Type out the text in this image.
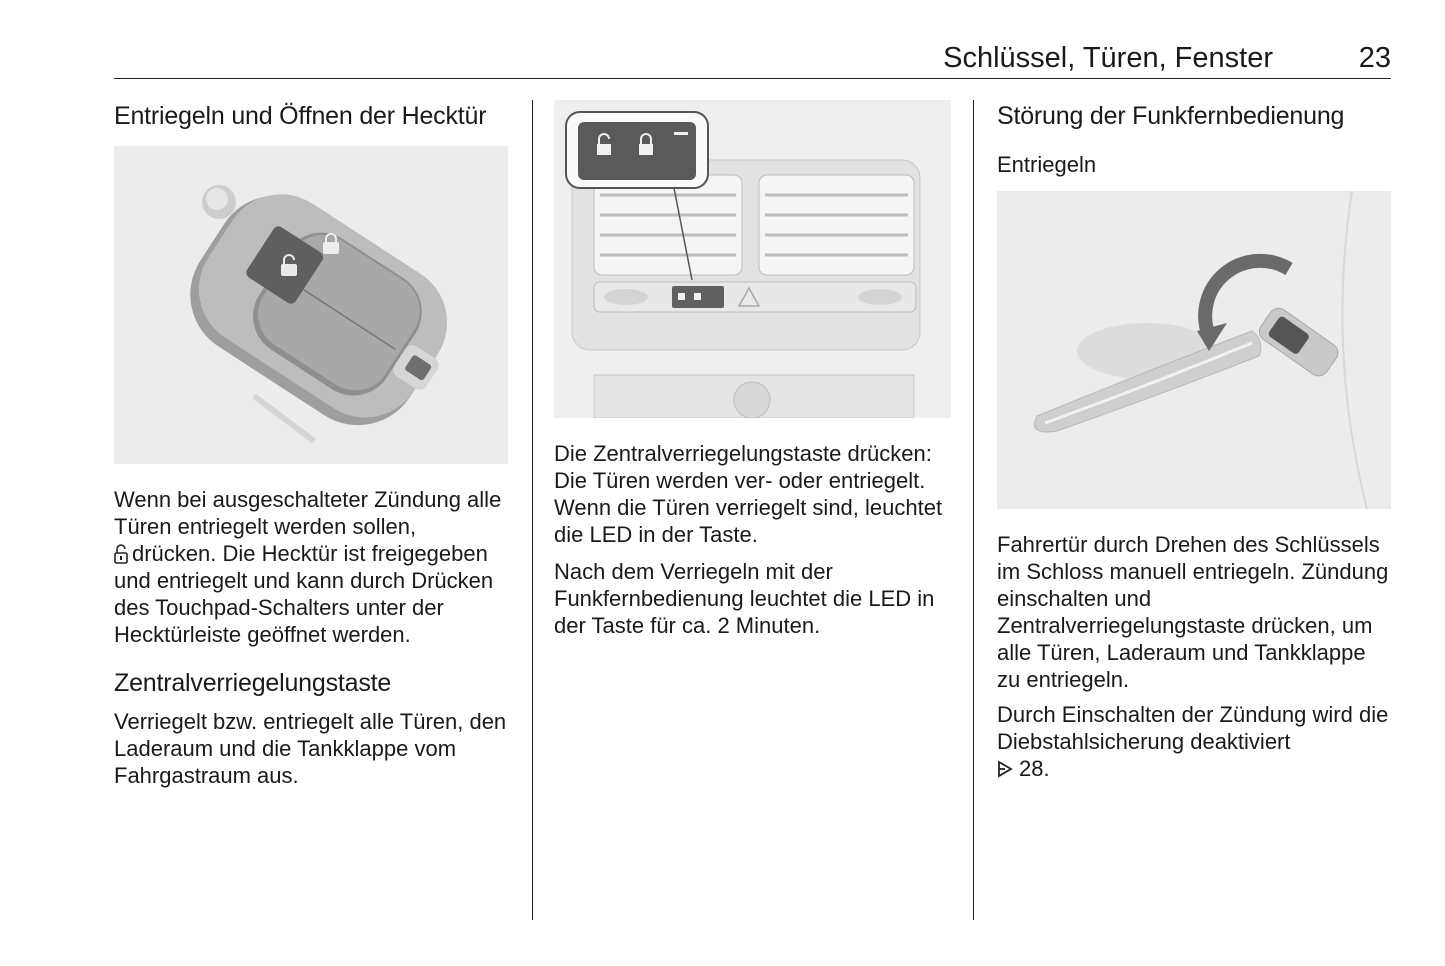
Schlüssel, Türen, Fenster	23
Entriegeln und Öffnen der Hecktür

Wenn bei ausgeschalteter Zündung alle Türen entriegelt werden sollen,
drücken. Die Hecktür ist freigegeben und entriegelt und kann durch Drücken des Touchpad-Schalters unter der Hecktürleiste geöffnet werden.

Zentralverriegelungstaste

Verriegelt bzw. entriegelt alle Türen, den Laderaum und die Tankklappe vom Fahrgastraum aus.

Die Zentralverriegelungstaste drücken: Die Türen werden ver- oder entriegelt. Wenn die Türen verriegelt sind, leuchtet die LED in der Taste.

Nach dem Verriegeln mit der Funkfernbedienung leuchtet die LED in der Taste für ca. 2 Minuten.

Störung der Funkfernbedienung
Entriegeln

Fahrertür durch Drehen des Schlüssels im Schloss manuell entriegeln. Zündung einschalten und Zentralverriegelungstaste drücken, um alle Türen, Laderaum und Tankklappe zu entriegeln.

Durch Einschalten der Zündung wird die Diebstahlsicherung deaktiviert
28.
